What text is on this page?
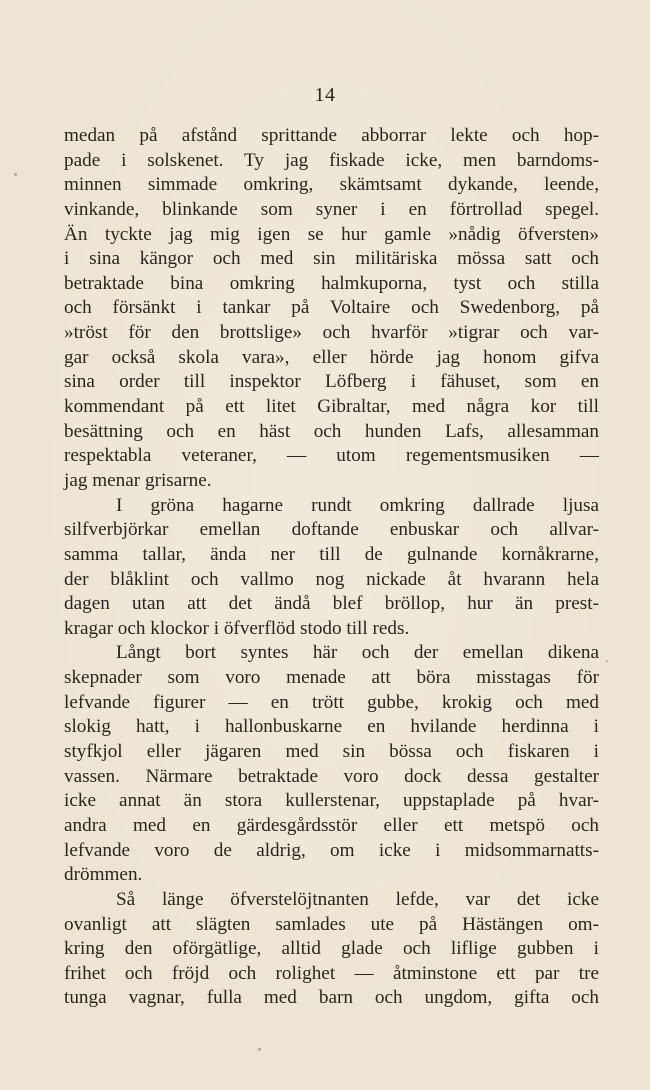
14
medan på afstånd sprittande abborrar lekte och hop-
pade i solskenet. Ty jag fiskade icke, men barndoms-
minnen simmade omkring, skämtsamt dykande, leende,
vinkande, blinkande som syner i en förtrollad spegel.
Än tyckte jag mig igen se hur gamle »nådig öfversten»
i sina kängor och med sin militäriska mössa satt och
betraktade bina omkring halmkuporna, tyst och stilla
och försänkt i tankar på Voltaire och Swedenborg, på
»tröst för den brottslige» och hvarför »tigrar och var-
gar också skola vara», eller hörde jag honom gifva
sina order till inspektor Löfberg i fähuset, som en
kommendant på ett litet Gibraltar, med några kor till
besättning och en häst och hunden Lafs, allesamman
respektabla veteraner, — utom regementsmusiken —
jag menar grisarne.
I gröna hagarne rundt omkring dallrade ljusa
silfverbjörkar emellan doftande enbuskar och allvar-
samma tallar, ända ner till de gulnande kornåkrarne,
der blåklint och vallmo nog nickade åt hvarann hela
dagen utan att det ändå blef bröllop, hur än prest-
kragar och klockor i öfverflöd stodo till reds.
Långt bort syntes här och der emellan dikena
skepnader som voro menade att böra misstagas för
lefvande figurer — en trött gubbe, krokig och med
slokig hatt, i hallonbuskarne en hvilande herdinna i
styfkjol eller jägaren med sin bössa och fiskaren i
vassen. Närmare betraktade voro dock dessa gestalter
icke annat än stora kullerstenar, uppstaplade på hvar-
andra med en gärdesgårdsstör eller ett metspö och
lefvande voro de aldrig, om icke i midsommarnatts-
drömmen.
Så länge öfverstelöjtnanten lefde, var det icke
ovanligt att slägten samlades ute på Hästängen om-
kring den oförgätlige, alltid glade och liflige gubben i
frihet och fröjd och rolighet — åtminstone ett par tre
tunga vagnar, fulla med barn och ungdom, gifta och
